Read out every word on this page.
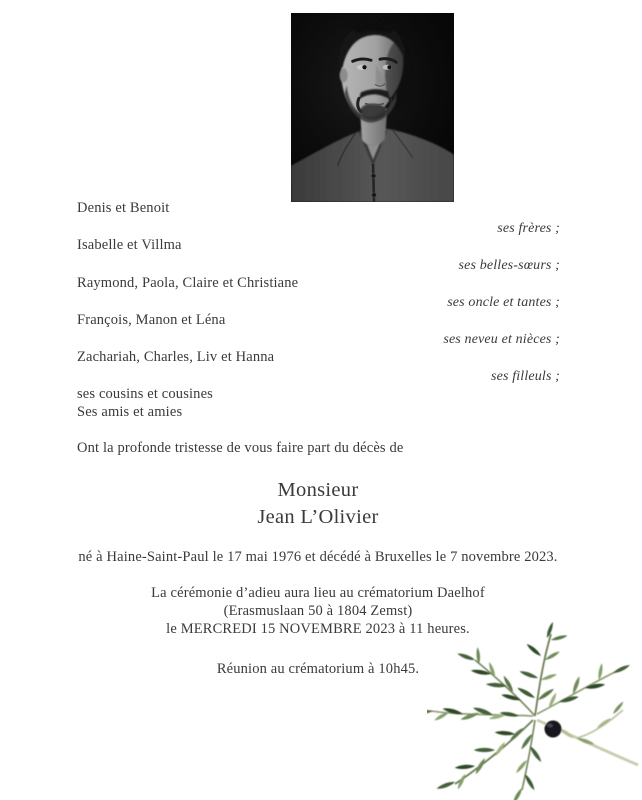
Denis et Benoit
ses frères ;
Isabelle et Villma
ses belles-sœurs ;
Raymond, Paola, Claire et Christiane
ses oncle et tantes ;
François, Manon et Léna
ses neveu et nièces ;
Zachariah, Charles, Liv et Hanna
ses filleuls ;
ses cousins et cousines
Ses amis et amies
Ont la profonde tristesse de vous faire part du décès de
Monsieur
Jean L’Olivier
né à Haine-Saint-Paul le 17 mai 1976 et décédé à Bruxelles le 7 novembre 2023.
La cérémonie d’adieu aura lieu au crématorium Daelhof
(Erasmuslaan 50 à 1804 Zemst)
le MERCREDI 15 NOVEMBRE 2023 à 11 heures.
Réunion au crématorium à 10h45.
